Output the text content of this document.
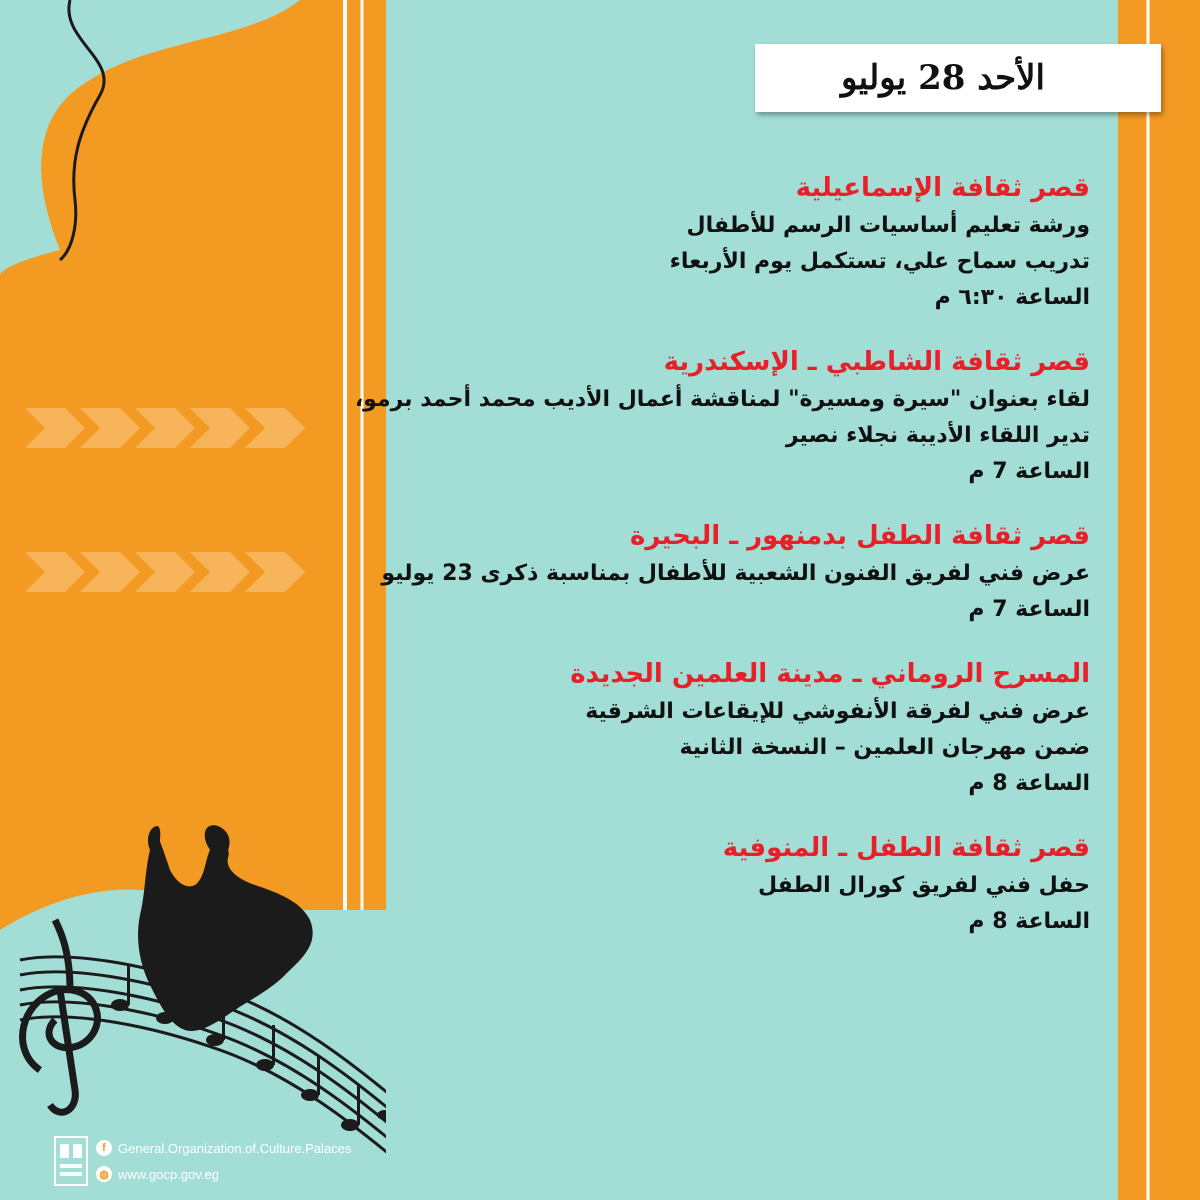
الأحد 28 يوليو
قصر ثقافة الإسماعيلية
ورشة تعليم أساسيات الرسم للأطفال
تدريب سماح علي، تستكمل يوم الأربعاء
الساعة ٦:٣٠ م
قصر ثقافة الشاطبي ـ الإسكندرية
لقاء بعنوان "سيرة ومسيرة" لمناقشة أعمال الأديب محمد أحمد برمو،
تدير اللقاء الأديبة نجلاء نصير
الساعة 7 م
قصر ثقافة الطفل بدمنهور ـ البحيرة
عرض فني لفريق الفنون الشعبية للأطفال بمناسبة ذكرى 23 يوليو
الساعة 7 م
المسرح الروماني ـ مدينة العلمين الجديدة
عرض فني لفرقة الأنفوشي للإيقاعات الشرقية
ضمن مهرجان العلمين – النسخة الثانية
الساعة 8 م
قصر ثقافة الطفل ـ المنوفية
حفل فني لفريق كورال الطفل
الساعة 8 م
f General.Organization.of.Culture.Palaces
◍ www.gocp.gov.eg
